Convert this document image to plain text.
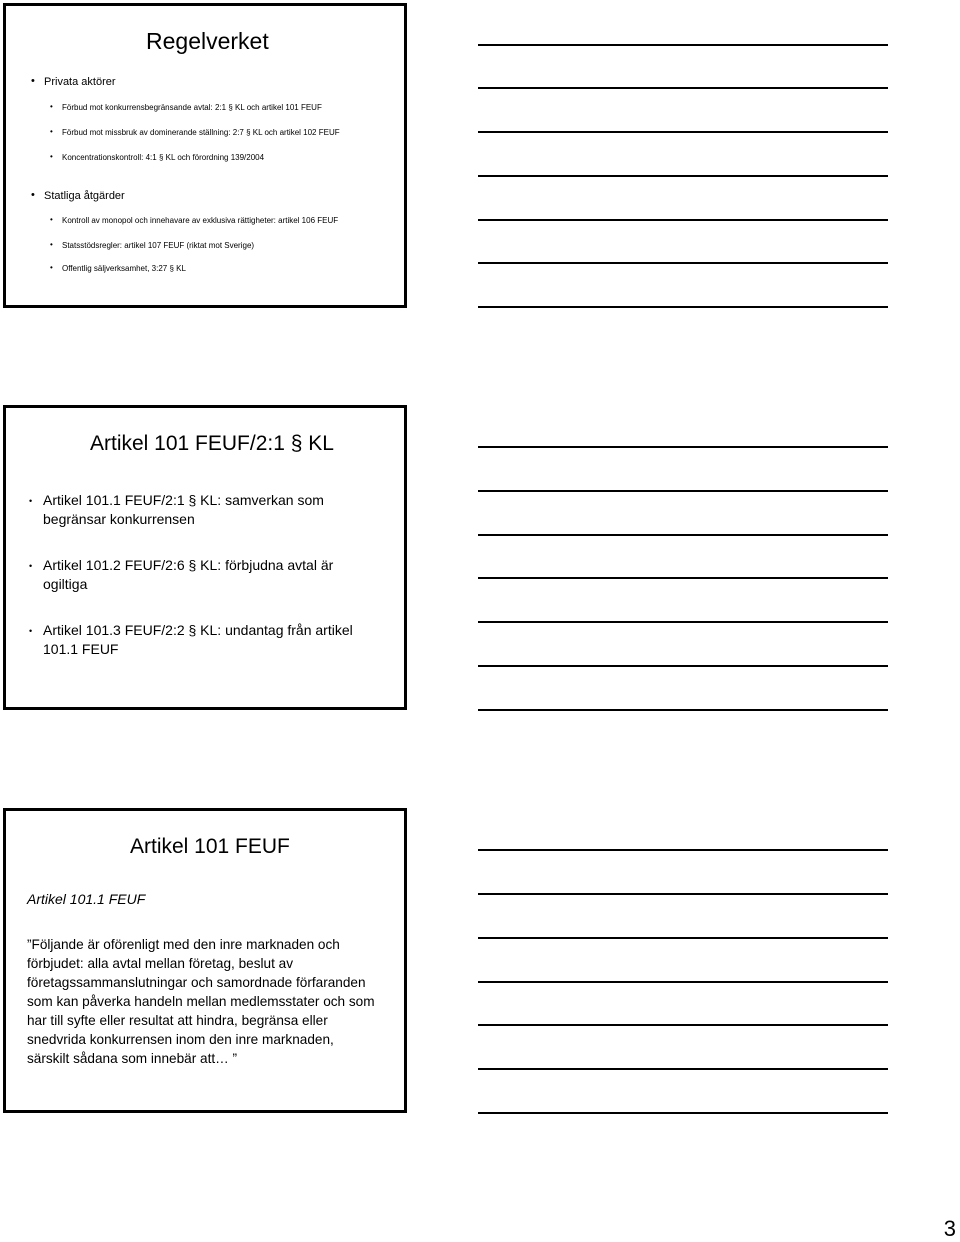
Regelverket
• Privata aktörer
• Förbud mot konkurrensbegränsande avtal: 2:1 § KL och artikel 101 FEUF
• Förbud mot missbruk av dominerande ställning: 2:7 § KL och artikel 102 FEUF
• Koncentrationskontroll: 4:1 § KL och förordning 139/2004
• Statliga åtgärder
• Kontroll av monopol och innehavare av exklusiva rättigheter: artikel 106 FEUF
• Statsstödsregler: artikel 107 FEUF (riktat mot Sverige)
• Offentlig säljverksamhet, 3:27 § KL
Artikel 101 FEUF/2:1 § KL
• Artikel 101.1 FEUF/2:1 § KL: samverkan som begränsar konkurrensen
• Artikel 101.2 FEUF/2:6 § KL: förbjudna avtal är ogiltiga
• Artikel 101.3 FEUF/2:2 § KL: undantag från artikel 101.1 FEUF
Artikel 101 FEUF
Artikel 101.1 FEUF
”Följande är oförenligt med den inre marknaden och förbjudet: alla avtal mellan företag, beslut av företagssammanslutningar och samordnade förfaranden som kan påverka handeln mellan medlemsstater och som har till syfte eller resultat att hindra, begränsa eller snedvrida konkurrensen inom den inre marknaden, särskilt sådana som innebär att… ”
3
